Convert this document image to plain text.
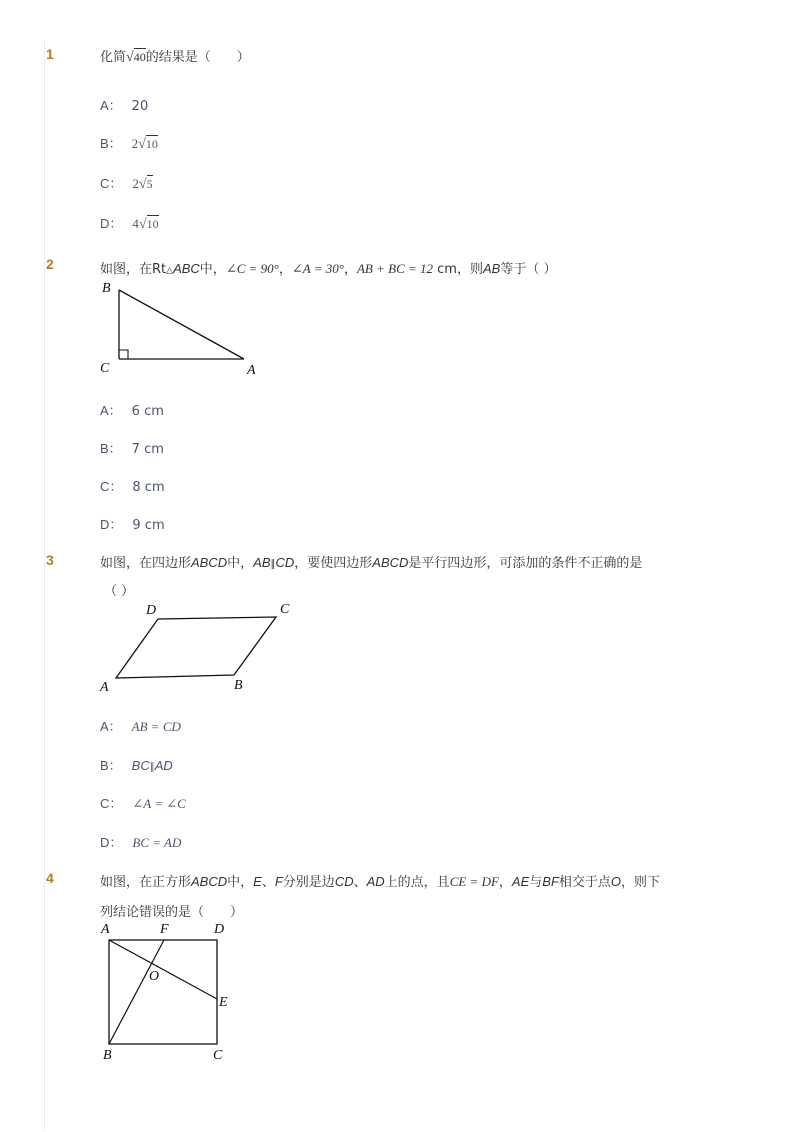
1	化简√40的结果是（　　）
A： 20
B： 2√10
C： 2√5
D： 4√10
2	如图，在Rt△ABC中，∠C = 90°，∠A = 30°，AB + BC = 12 cm，则AB等于（ ）
B
C	A
A： 6 cm
B： 7 cm
C： 8 cm
D： 9 cm
3	如图，在四边形ABCD中，AB∥CD，要使四边形ABCD是平行四边形，可添加的条件不正确的是
（ ）
D	C
A	B
A： AB = CD
B： BC∥AD
C： ∠A = ∠C
D： BC = AD
4	如图，在正方形ABCD中，E、F分别是边CD、AD上的点，且CE = DF，AE与BF相交于点O，则下
列结论错误的是（　　）
A	F	D
O
E
B	C
